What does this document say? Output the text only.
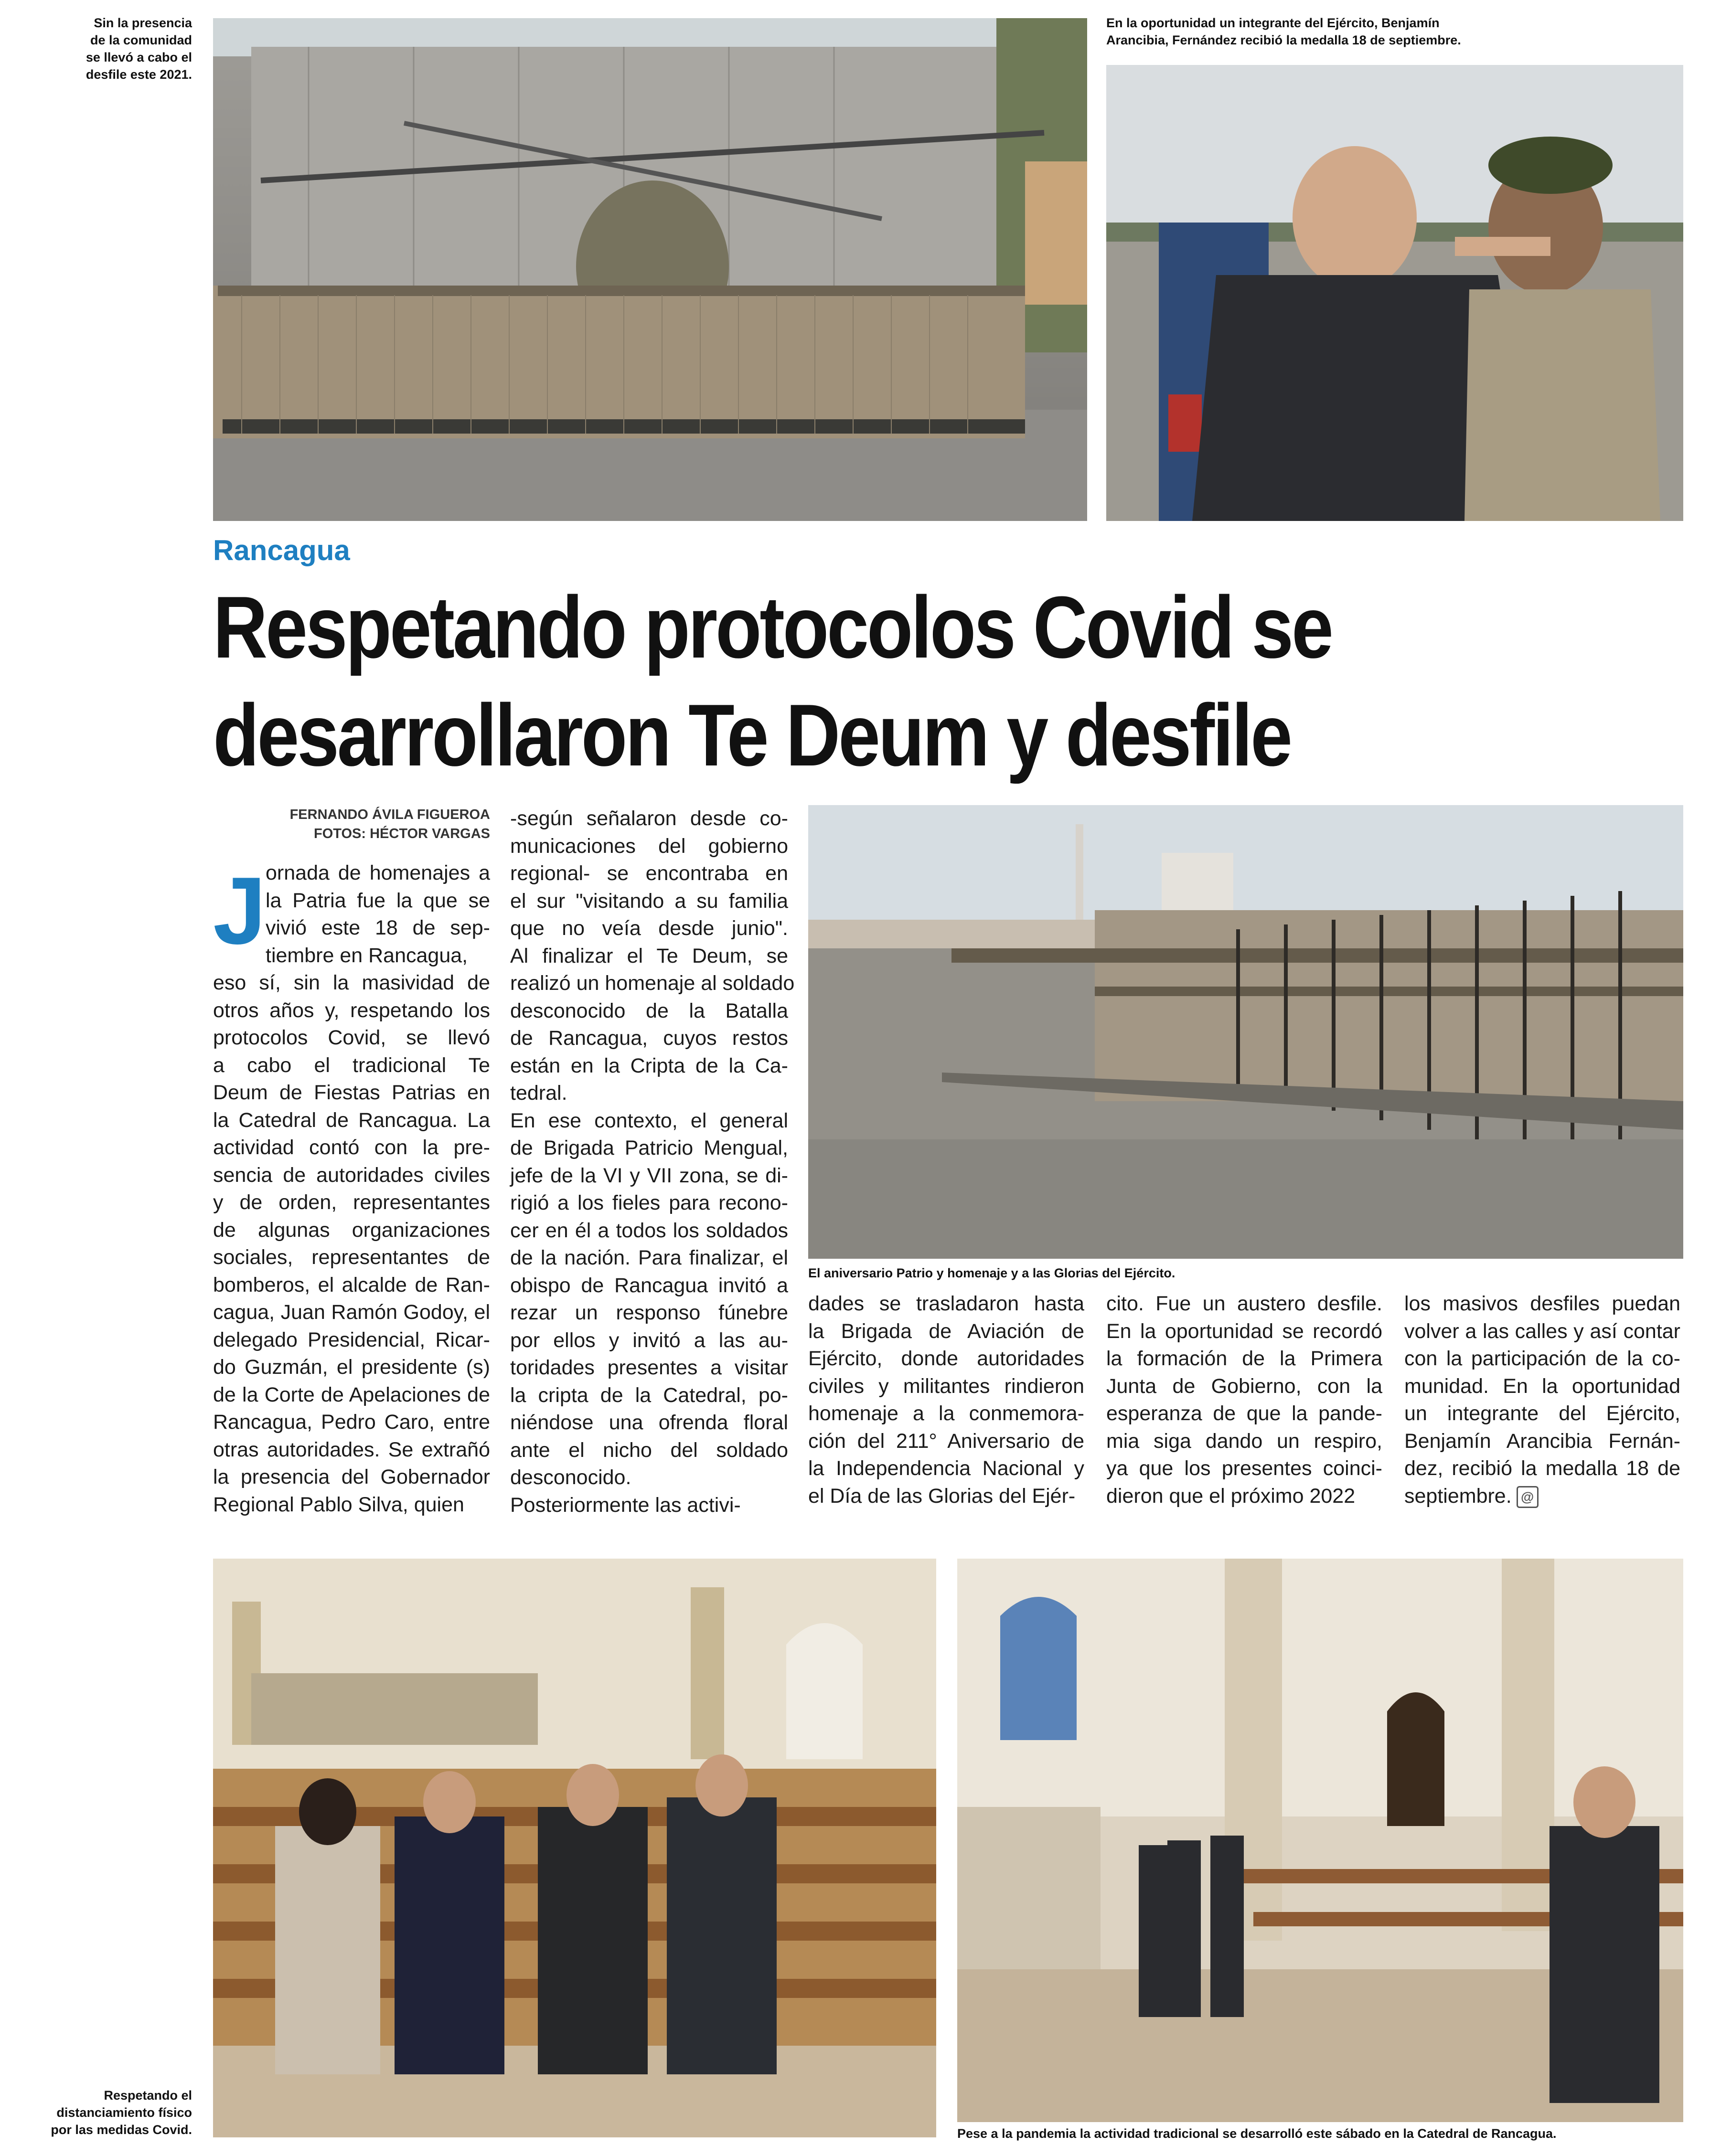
Sin la presencia
de la comunidad
se llevó a cabo el
desfile este 2021.
En la oportunidad un integrante del Ejército, Benjamín
Arancibia, Fernández recibió la medalla 18 de septiembre.
Rancagua
Respetando protocolos Covid se
desarrollaron Te Deum y desfile
FERNANDO ÁVILA FIGUEROA
FOTOS: HÉCTOR VARGAS
J
ornada de homenajes a
la Patria fue la que se
vivió este 18 de sep-
tiembre en Rancagua,
eso sí, sin la masividad de
otros años y, respetando los
protocolos Covid, se llevó
a cabo el tradicional Te
Deum de Fiestas Patrias en
la Catedral de Rancagua. La
actividad contó con la pre-
sencia de autoridades civiles
y de orden, representantes
de algunas organizaciones
sociales, representantes de
bomberos, el alcalde de Ran-
cagua, Juan Ramón Godoy, el
delegado Presidencial, Ricar-
do Guzmán, el presidente (s)
de la Corte de Apelaciones de
Rancagua, Pedro Caro, entre
otras autoridades. Se extrañó
la presencia del Gobernador
Regional Pablo Silva, quien
-según señalaron desde co-
municaciones del gobierno
regional- se encontraba en
el sur "visitando a su familia
que no veía desde junio".
Al finalizar el Te Deum, se
realizó un homenaje al soldado
desconocido de la Batalla
de Rancagua, cuyos restos
están en la Cripta de la Ca-
tedral.
En ese contexto, el general
de Brigada Patricio Mengual,
jefe de la VI y VII zona, se di-
rigió a los fieles para recono-
cer en él a todos los soldados
de la nación. Para finalizar, el
obispo de Rancagua invitó a
rezar un responso fúnebre
por ellos y invitó a las au-
toridades presentes a visitar
la cripta de la Catedral, po-
niéndose una ofrenda floral
ante el nicho del soldado
desconocido.
Posteriormente las activi-
El aniversario Patrio y homenaje y a las Glorias del Ejército.
dades se trasladaron hasta
la Brigada de Aviación de
Ejército, donde autoridades
civiles y militantes rindieron
homenaje a la conmemora-
ción del 211° Aniversario de
la Independencia Nacional y
el Día de las Glorias del Ejér-
cito. Fue un austero desfile.
En la oportunidad se recordó
la formación de la Primera
Junta de Gobierno, con la
esperanza de que la pande-
mia siga dando un respiro,
ya que los presentes coinci-
dieron que el próximo 2022
los masivos desfiles puedan
volver a las calles y así contar
con la participación de la co-
munidad. En la oportunidad
un integrante del Ejército,
Benjamín Arancibia Fernán-
dez, recibió la medalla 18 de
septiembre. @
Respetando el
distanciamiento físico
por las medidas Covid.	Pese a la pandemia la actividad tradicional se desarrolló este sábado en la Catedral de Rancagua.
